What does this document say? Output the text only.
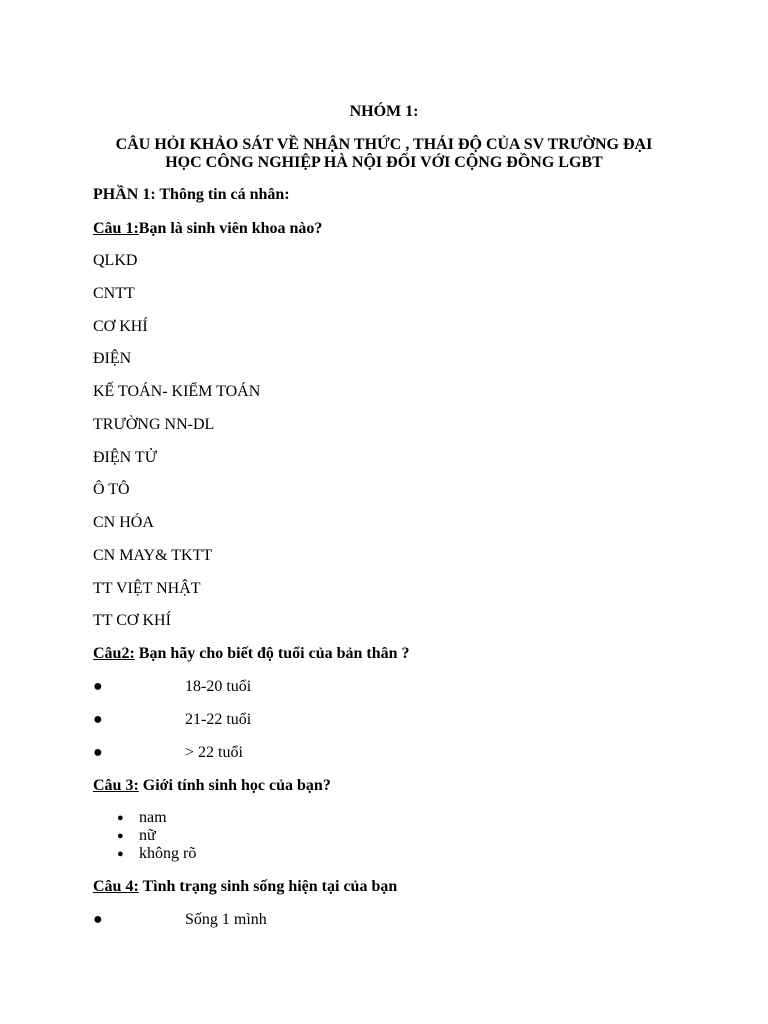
NHÓM 1:
CÂU HỎI KHẢO SÁT VỀ NHẬN THỨC , THÁI ĐỘ CỦA SV TRƯỜNG ĐẠI
HỌC CÔNG NGHIỆP HÀ NỘI ĐỐI VỚI CỘNG ĐỒNG LGBT
PHẦN 1: Thông tin cá nhân:
Câu 1:Bạn là sinh viên khoa nào?
QLKD
CNTT
CƠ KHÍ
ĐIỆN
KẾ TOÁN- KIỂM TOÁN
TRƯỜNG NN-DL
ĐIỆN TỬ
Ô TÔ
CN HÓA
CN MAY& TKTT
TT VIỆT NHẬT
TT CƠ KHÍ
Câu2: Bạn hãy cho biết độ tuổi của bản thân ?
●	18-20 tuổi
●	21-22 tuổi
●	> 22 tuổi
Câu 3: Giới tính sinh học của bạn?
● nam
● nữ
● không rõ
Câu 4: Tình trạng sinh sống hiện tại của bạn
●	Sống 1 mình
